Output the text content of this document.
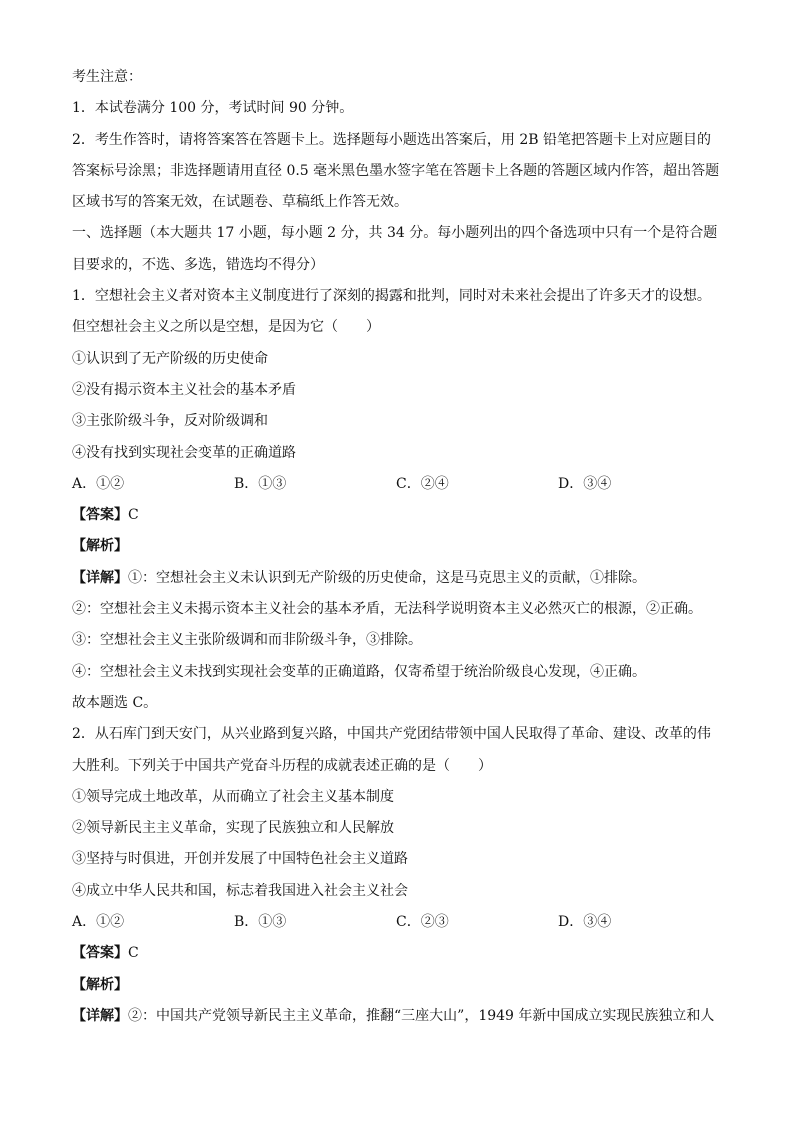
考生注意：
1．本试卷满分 100 分，考试时间 90 分钟。
2．考生作答时，请将答案答在答题卡上。选择题每小题选出答案后，用 2B 铅笔把答题卡上对应题目的答案标号涂黑；非选择题请用直径 0.5 毫米黑色墨水签字笔在答题卡上各题的答题区域内作答，超出答题区域书写的答案无效，在试题卷、草稿纸上作答无效。
一、选择题（本大题共 17 小题，每小题 2 分，共 34 分。每小题列出的四个备选项中只有一个是符合题目要求的，不选、多选，错选均不得分）
1．空想社会主义者对资本主义制度进行了深刻的揭露和批判，同时对未来社会提出了许多天才的设想。但空想社会主义之所以是空想，是因为它（　　）
①认识到了无产阶级的历史使命
②没有揭示资本主义社会的基本矛盾
③主张阶级斗争，反对阶级调和
④没有找到实现社会变革的正确道路
A．①②	B．①③	C．②④	D．③④
【答案】C
【解析】
【详解】①：空想社会主义未认识到无产阶级的历史使命，这是马克思主义的贡献，①排除。
②：空想社会主义未揭示资本主义社会的基本矛盾，无法科学说明资本主义必然灭亡的根源，②正确。
③：空想社会主义主张阶级调和而非阶级斗争，③排除。
④：空想社会主义未找到实现社会变革的正确道路，仅寄希望于统治阶级良心发现，④正确。
故本题选 C。
2．从石库门到天安门，从兴业路到复兴路，中国共产党团结带领中国人民取得了革命、建设、改革的伟大胜利。下列关于中国共产党奋斗历程的成就表述正确的是（　　）
①领导完成土地改革，从而确立了社会主义基本制度
②领导新民主主义革命，实现了民族独立和人民解放
③坚持与时俱进，开创并发展了中国特色社会主义道路
④成立中华人民共和国，标志着我国进入社会主义社会
A．①②	B．①③	C．②③	D．③④
【答案】C
【解析】
【详解】②：中国共产党领导新民主主义革命，推翻“三座大山”，1949 年新中国成立实现民族独立和人
